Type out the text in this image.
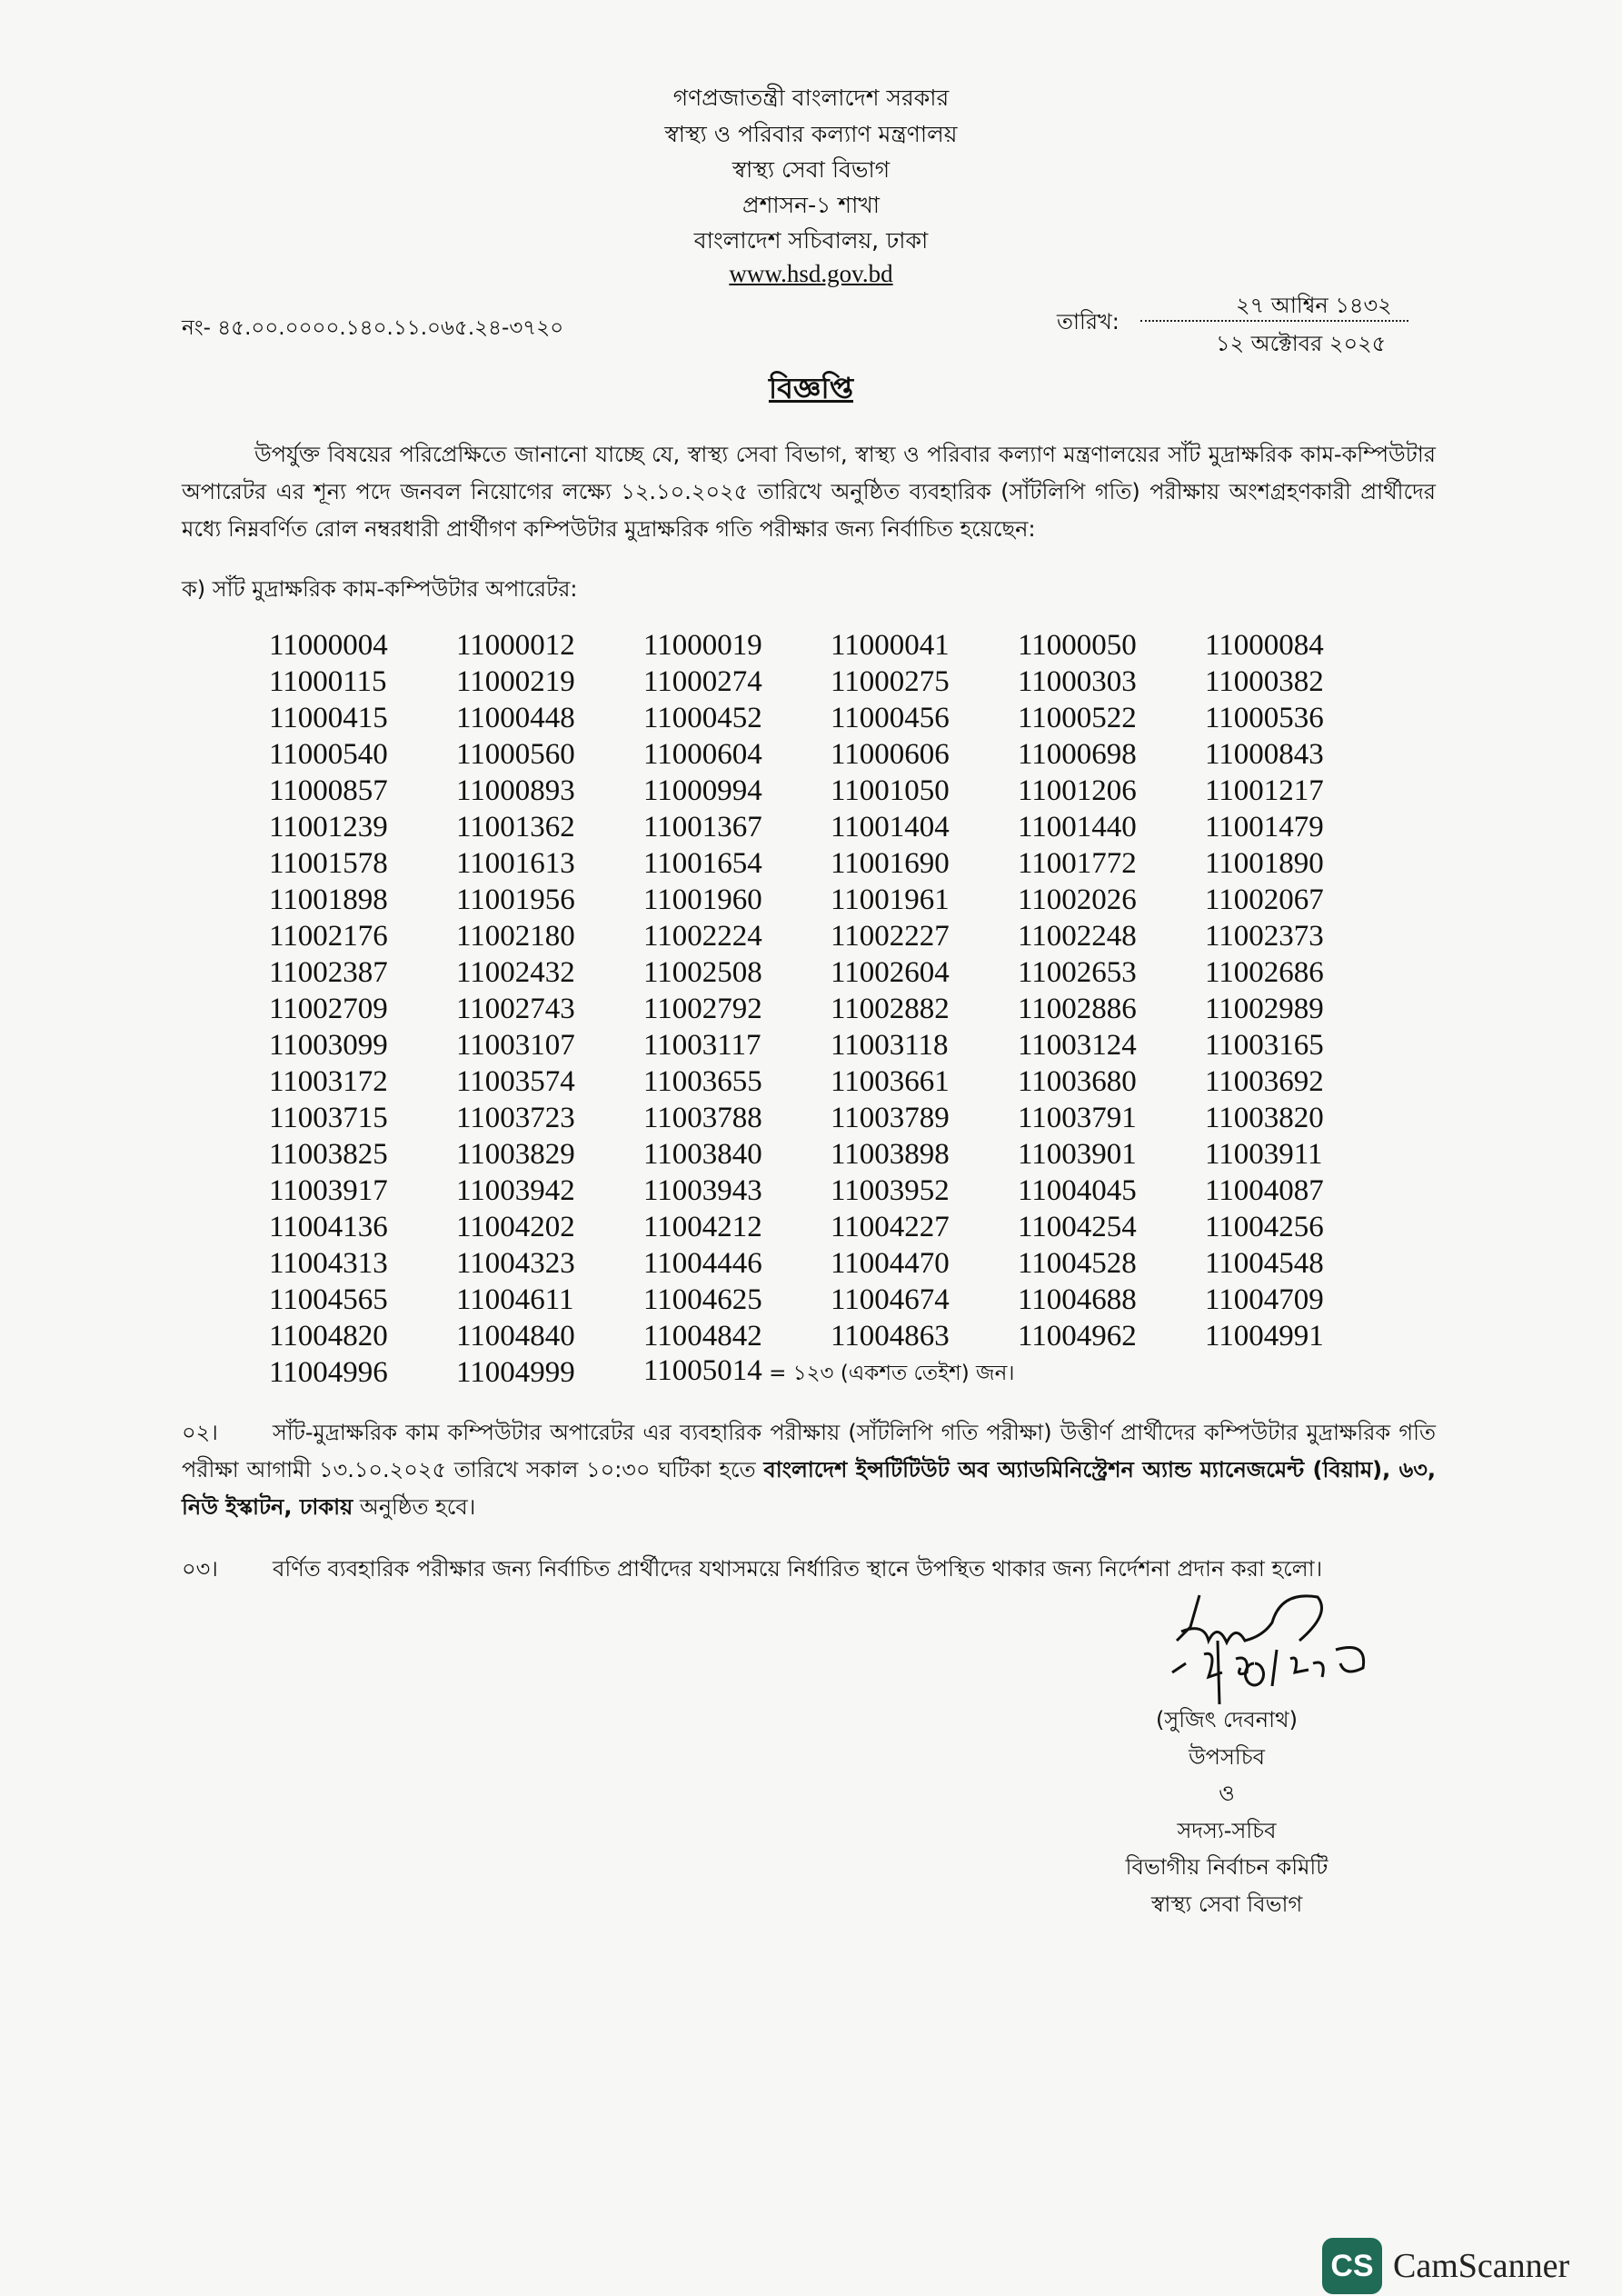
গণপ্রজাতন্ত্রী বাংলাদেশ সরকার
স্বাস্থ্য ও পরিবার কল্যাণ মন্ত্রণালয়
স্বাস্থ্য সেবা বিভাগ
প্রশাসন-১ শাখা
বাংলাদেশ সচিবালয়, ঢাকা
www.hsd.gov.bd
নং- ৪৫.০০.০০০০.১৪০.১১.০৬৫.২৪-৩৭২০	তারিখ:
২৭ আশ্বিন ১৪৩২
১২ অক্টোবর ২০২৫
বিজ্ঞপ্তি
উপর্যুক্ত বিষয়ের পরিপ্রেক্ষিতে জানানো যাচ্ছে যে, স্বাস্থ্য সেবা বিভাগ, স্বাস্থ্য ও পরিবার কল্যাণ মন্ত্রণালয়ের সাঁট মুদ্রাক্ষরিক কাম-কম্পিউটার অপারেটর এর শূন্য পদে জনবল নিয়োগের লক্ষ্যে ১২.১০.২০২৫ তারিখে অনুষ্ঠিত ব্যবহারিক (সাঁটলিপি গতি) পরীক্ষায় অংশগ্রহণকারী প্রার্থীদের মধ্যে নিম্নবর্ণিত রোল নম্বরধারী প্রার্থীগণ কম্পিউটার মুদ্রাক্ষরিক গতি পরীক্ষার জন্য নির্বাচিত হয়েছেন:
ক) সাঁট মুদ্রাক্ষরিক কাম-কম্পিউটার অপারেটর:
11000004	11000012	11000019	11000041	11000050	11000084
11000115	11000219	11000274	11000275	11000303	11000382
11000415	11000448	11000452	11000456	11000522	11000536
11000540	11000560	11000604	11000606	11000698	11000843
11000857	11000893	11000994	11001050	11001206	11001217
11001239	11001362	11001367	11001404	11001440	11001479
11001578	11001613	11001654	11001690	11001772	11001890
11001898	11001956	11001960	11001961	11002026	11002067
11002176	11002180	11002224	11002227	11002248	11002373
11002387	11002432	11002508	11002604	11002653	11002686
11002709	11002743	11002792	11002882	11002886	11002989
11003099	11003107	11003117	11003118	11003124	11003165
11003172	11003574	11003655	11003661	11003680	11003692
11003715	11003723	11003788	11003789	11003791	11003820
11003825	11003829	11003840	11003898	11003901	11003911
11003917	11003942	11003943	11003952	11004045	11004087
11004136	11004202	11004212	11004227	11004254	11004256
11004313	11004323	11004446	11004470	11004528	11004548
11004565	11004611	11004625	11004674	11004688	11004709
11004820	11004840	11004842	11004863	11004962	11004991
11004996	11004999	11005014 = ১২৩ (একশত তেইশ) জন।			
০২।	সাঁট-মুদ্রাক্ষরিক কাম কম্পিউটার অপারেটর এর ব্যবহারিক পরীক্ষায় (সাঁটলিপি গতি পরীক্ষা) উত্তীর্ণ প্রার্থীদের কম্পিউটার মুদ্রাক্ষরিক গতি পরীক্ষা আগামী ১৩.১০.২০২৫ তারিখে সকাল ১০:৩০ ঘটিকা হতে বাংলাদেশ ইন্সটিটিউট অব অ্যাডমিনিস্ট্রেশন অ্যান্ড ম্যানেজমেন্ট (বিয়াম), ৬৩, নিউ ইস্কাটন, ঢাকায় অনুষ্ঠিত হবে।
০৩।	বর্ণিত ব্যবহারিক পরীক্ষার জন্য নির্বাচিত প্রার্থীদের যথাসময়ে নির্ধারিত স্থানে উপস্থিত থাকার জন্য নির্দেশনা প্রদান করা হলো।
(সুজিৎ দেবনাথ)
উপসচিব
ও
সদস্য-সচিব
বিভাগীয় নির্বাচন কমিটি
স্বাস্থ্য সেবা বিভাগ
CS CamScanner
